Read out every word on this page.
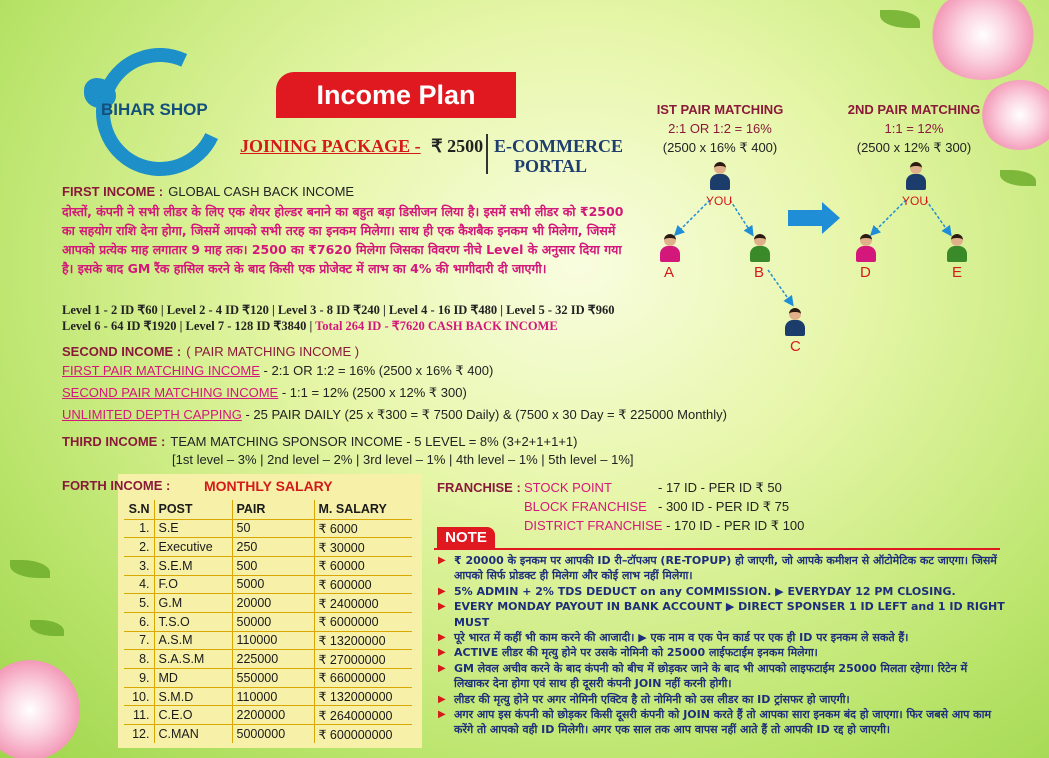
BIHAR SHOP	Income Plan
JOINING PACKAGE - ₹ 2500 E-COMMERCE
PORTAL
FIRST INCOME : GLOBAL CASH BACK INCOME
दोस्तों, कंपनी ने सभी लीडर के लिए एक शेयर होल्डर बनाने का बहुत बड़ा डिसीजन लिया है। इसमें सभी लीडर को ₹2500 का सहयोग राशि देना होगा, जिसमें आपको सभी तरह का इनकम मिलेगा। साथ ही एक कैशबैक इनकम भी मिलेगा, जिसमें आपको प्रत्येक माह लगातार 9 माह तक। 2500 का ₹7620 मिलेगा जिसका विवरण नीचे Level के अनुसार दिया गया है। इसके बाद GM रैंक हासिल करने के बाद किसी एक प्रोजेक्ट में लाभ का 4% की भागीदारी दी जाएगी।
Level 1 - 2 ID ₹60 | Level 2 - 4 ID ₹120 | Level 3 - 8 ID ₹240 | Level 4 - 16 ID ₹480 | Level 5 - 32 ID ₹960
Level 6 - 64 ID ₹1920 | Level 7 - 128 ID ₹3840 | Total 264 ID - ₹7620 CASH BACK INCOME
SECOND INCOME : ( PAIR MATCHING INCOME )
FIRST PAIR MATCHING INCOME - 2:1 OR 1:2 = 16% (2500 x 16% ₹ 400)
SECOND PAIR MATCHING INCOME - 1:1 = 12% (2500 x 12% ₹ 300)
UNLIMITED DEPTH CAPPING - 25 PAIR DAILY (25 x ₹300 = ₹ 7500 Daily) & (7500 x 30 Day = ₹ 225000 Monthly)
THIRD INCOME : TEAM MATCHING SPONSOR INCOME - 5 LEVEL = 8% (3+2+1+1+1)
[1st level – 3% | 2nd level – 2% | 3rd level – 1% | 4th level – 1% | 5th level – 1%]
IST PAIR MATCHING
2:1 OR 1:2 = 16%
(2500 x 16% ₹ 400)
2ND PAIR MATCHING
1:1 = 12%
(2500 x 12% ₹ 300)
YOU
A	B
C
YOU
D	E
FORTH INCOME : MONTHLY SALARY
S.N	POST	PAIR	M. SALARY
1.	S.E	50	₹ 6000
2.	Executive	250	₹ 30000
3.	S.E.M	500	₹ 60000
4.	F.O	5000	₹ 600000
5.	G.M	20000	₹ 2400000
6.	T.S.O	50000	₹ 6000000
7.	A.S.M	110000	₹ 13200000
8.	S.A.S.M	225000	₹ 27000000
9.	MD	550000	₹ 66000000
10.	S.M.D	110000	₹ 132000000
11.	C.E.O	2200000	₹ 264000000
12.	C.MAN	5000000	₹ 600000000
FRANCHISE : STOCK POINT	- 17 ID - PER ID ₹ 50
BLOCK FRANCHISE - 300 ID - PER ID ₹ 75
DISTRICT FRANCHISE - 170 ID - PER ID ₹ 100
NOTE
▶ ₹ 20000 के इनकम पर आपकी ID री–टॉपअप (RE-TOPUP) हो जाएगी, जो आपके कमीशन से ऑटोमेटिक कट जाएगा। जिसमें आपको सिर्फ प्रोडक्ट ही मिलेगा और कोई लाभ नहीं मिलेगा।
▶ 5% ADMIN + 2% TDS DEDUCT on any COMMISSION. ▶ EVERYDAY 12 PM CLOSING.
▶ EVERY MONDAY PAYOUT IN BANK ACCOUNT ▶ DIRECT SPONSER 1 ID LEFT and 1 ID RIGHT MUST
▶ पूरे भारत में कहीं भी काम करने की आजादी। ▶ एक नाम व एक पेन कार्ड पर एक ही ID पर इनकम ले सकते हैं।
▶ ACTIVE लीडर की मृत्यु होने पर उसके नोमिनी को 25000 लाईफटाईम इनकम मिलेगा।
▶ GM लेवल अचीव करने के बाद कंपनी को बीच में छोड़कर जाने के बाद भी आपको लाइफटाईम 25000 मिलता रहेगा। रिटेन में लिखाकर देना होगा एवं साथ ही दूसरी कंपनी JOIN नहीं करनी होगी।
▶ लीडर की मृत्यु होने पर अगर नोमिनी एक्टिव है तो नोमिनी को उस लीडर का ID ट्रांसफर हो जाएगी।
▶ अगर आप इस कंपनी को छोड़कर किसी दूसरी कंपनी को JOIN करते हैं तो आपका सारा इनकम बंद हो जाएगा। फिर जबसे आप काम करेंगे तो आपको वही ID मिलेगी। अगर एक साल तक आप वापस नहीं आते हैं तो आपकी ID रद्द हो जाएगी।
